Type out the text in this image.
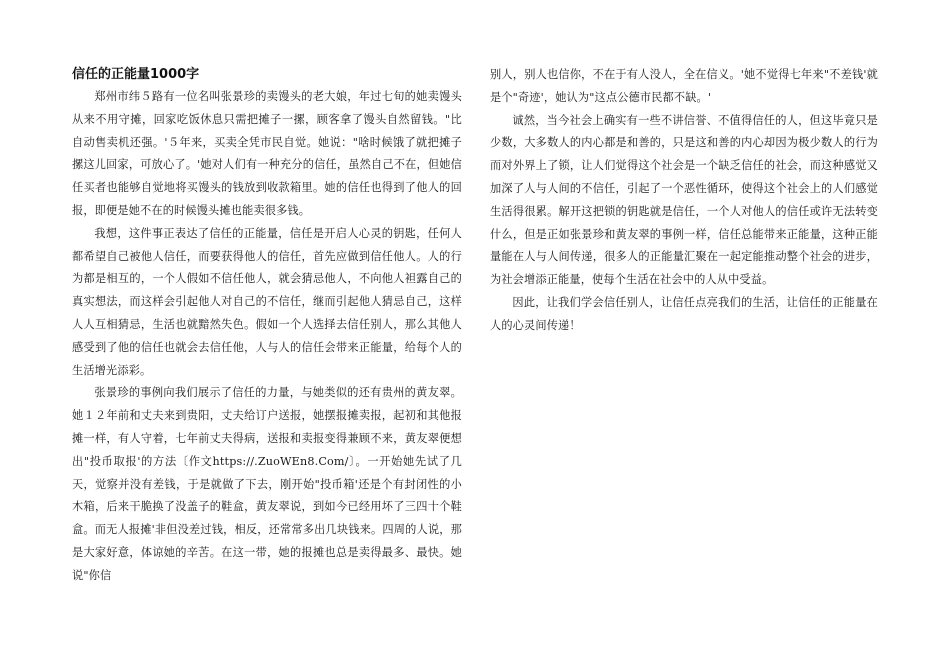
信任的正能量1000字

郑州市纬５路有一位名叫张景珍的卖馒头的老大娘，年过七旬的她卖馒头从来不用守摊，回家吃饭休息只需把摊子一摞，顾客拿了馒头自然留钱。"比自动售卖机还强。'５年来，买卖全凭市民自觉。她说："啥时候饿了就把摊子摞这儿回家，可放心了。'她对人们有一种充分的信任，虽然自己不在，但她信任买者也能够自觉地将买馒头的钱放到收款箱里。她的信任也得到了他人的回报，即便是她不在的时候馒头摊也能卖很多钱。

我想，这件事正表达了信任的正能量，信任是开启人心灵的钥匙，任何人都希望自己被他人信任，而要获得他人的信任，首先应做到信任他人。人的行为都是相互的，一个人假如不信任他人，就会猜忌他人，不向他人袒露自己的真实想法，而这样会引起他人对自己的不信任，继而引起他人猜忌自己，这样人人互相猜忌，生活也就黯然失色。假如一个人选择去信任别人，那么其他人感受到了他的信任也就会去信任他，人与人的信任会带来正能量，给每个人的生活增光添彩。

张景珍的事例向我们展示了信任的力量，与她类似的还有贵州的黄友翠。她１２年前和丈夫来到贵阳，丈夫给订户送报，她摆报摊卖报，起初和其他报摊一样，有人守着，七年前丈夫得病，送报和卖报变得兼顾不来，黄友翠便想出"投币取报'的方法〔作文https://.ZuoWEn8.Com/〕。一开始她先试了几天，觉察并没有差钱，于是就做了下去，刚开始"投币箱'还是个有封闭性的小木箱，后来干脆换了没盖子的鞋盒，黄友翠说，到如今已经用坏了三四十个鞋盒。而无人报摊'非但没差过钱，相反，还常常多出几块钱来。四周的人说，那是大家好意，体谅她的辛苦。在这一带，她的报摊也总是卖得最多、最快。她说"你信

别人，别人也信你，不在于有人没人，全在信义。'她不觉得七年来"不差钱'就是个"奇迹'，她认为"这点公德市民都不缺。'

诚然，当今社会上确实有一些不讲信誉、不值得信任的人，但这毕竟只是少数，大多数人的内心都是和善的，只是这和善的内心却因为极少数人的行为而对外界上了锁，让人们觉得这个社会是一个缺乏信任的社会，而这种感觉又加深了人与人间的不信任，引起了一个恶性循环，使得这个社会上的人们感觉生活得很累。解开这把锁的钥匙就是信任，一个人对他人的信任或许无法转变什么，但是正如张景珍和黄友翠的事例一样，信任总能带来正能量，这种正能量能在人与人间传递，很多人的正能量汇聚在一起定能推动整个社会的进步，为社会增添正能量，使每个生活在社会中的人从中受益。

因此，让我们学会信任别人，让信任点亮我们的生活，让信任的正能量在人的心灵间传递！
